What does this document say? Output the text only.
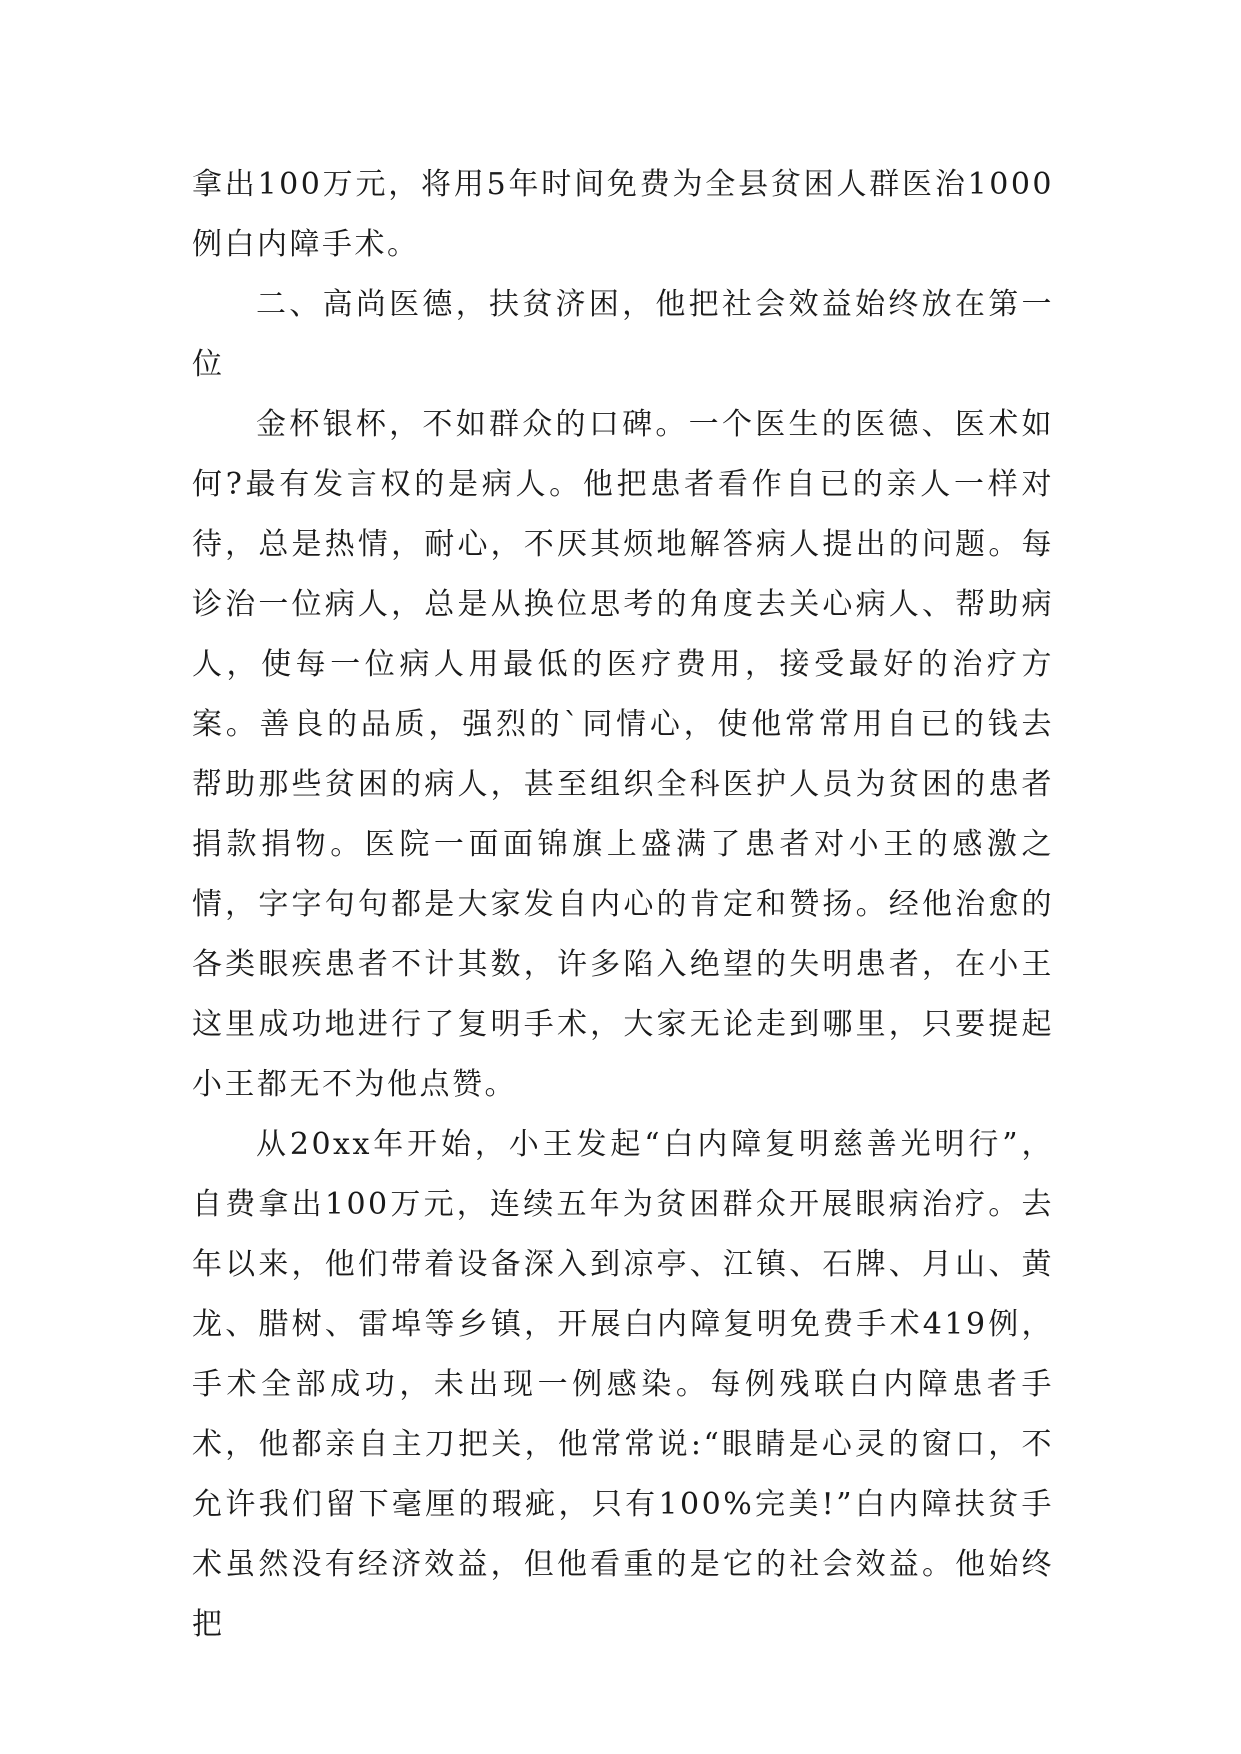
拿出100万元，将用5年时间免费为全县贫困人群医治1000例白内障手术。

二、高尚医德，扶贫济困，他把社会效益始终放在第一位

金杯银杯，不如群众的口碑。一个医生的医德、医术如何?最有发言权的是病人。他把患者看作自已的亲人一样对待，总是热情，耐心，不厌其烦地解答病人提出的问题。每诊治一位病人，总是从换位思考的角度去关心病人、帮助病人，使每一位病人用最低的医疗费用，接受最好的治疗方案。善良的品质，强烈的`同情心，使他常常用自已的钱去帮助那些贫困的病人，甚至组织全科医护人员为贫困的患者捐款捐物。医院一面面锦旗上盛满了患者对小王的感激之情，字字句句都是大家发自内心的肯定和赞扬。经他治愈的各类眼疾患者不计其数，许多陷入绝望的失明患者，在小王这里成功地进行了复明手术，大家无论走到哪里，只要提起小王都无不为他点赞。

从20xx年开始，小王发起“白内障复明慈善光明行”，自费拿出100万元，连续五年为贫困群众开展眼病治疗。去年以来，他们带着设备深入到凉亭、江镇、石牌、月山、黄龙、腊树、雷埠等乡镇，开展白内障复明免费手术419例，手术全部成功，未出现一例感染。每例残联白内障患者手术，他都亲自主刀把关，他常常说:“眼睛是心灵的窗口，不允许我们留下毫厘的瑕疵，只有100%完美!”白内障扶贫手术虽然没有经济效益，但他看重的是它的社会效益。他始终把
